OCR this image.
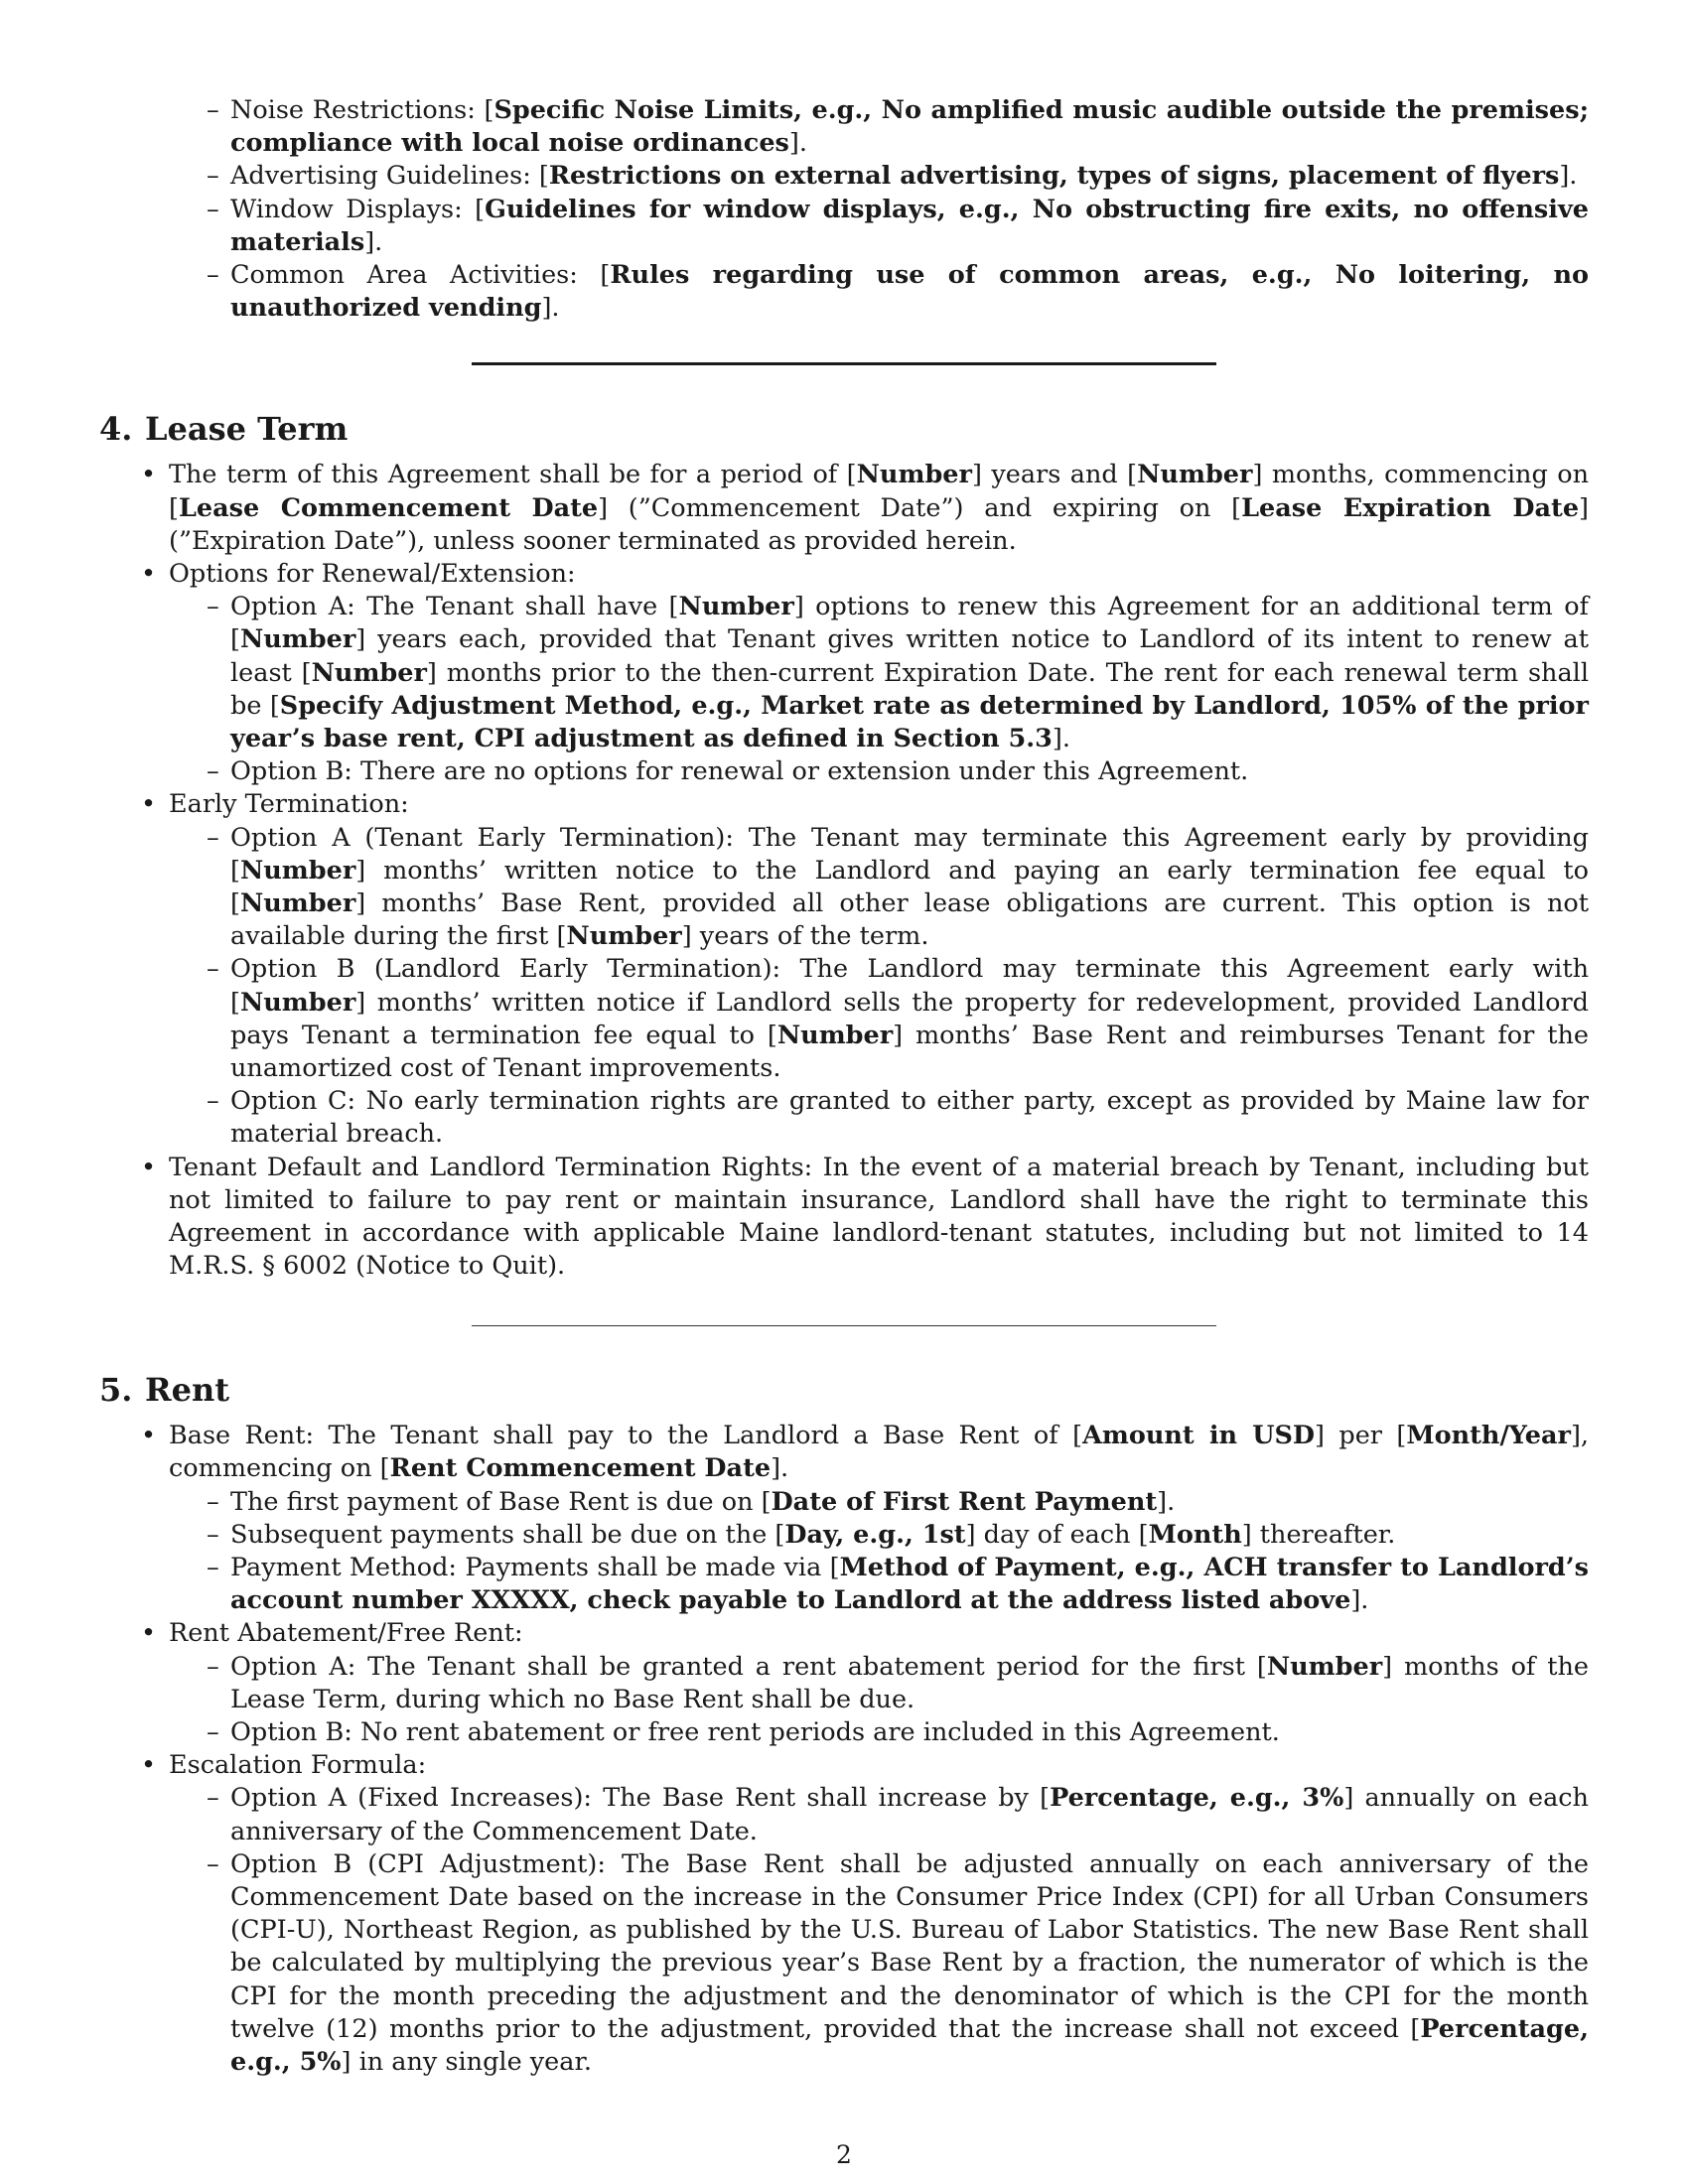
– Noise Restrictions: [Specific Noise Limits, e.g., No amplified music audible outside the premises; compliance with local noise ordinances].
– Advertising Guidelines: [Restrictions on external advertising, types of signs, placement of flyers].
– Window Displays: [Guidelines for window displays, e.g., No obstructing fire exits, no offensive materials].
– Common Area Activities: [Rules regarding use of common areas, e.g., No loitering, no unauthorized vending].
4. Lease Term
• The term of this Agreement shall be for a period of [Number] years and [Number] months, commencing on [Lease Commencement Date] (”Commencement Date”) and expiring on [Lease Expiration Date] (”Expiration Date”), unless sooner terminated as provided herein.
• Options for Renewal/Extension:
– Option A: The Tenant shall have [Number] options to renew this Agreement for an additional term of [Number] years each, provided that Tenant gives written notice to Landlord of its intent to renew at least [Number] months prior to the then-current Expiration Date. The rent for each renewal term shall be [Specify Adjustment Method, e.g., Market rate as determined by Landlord, 105% of the prior year’s base rent, CPI adjustment as defined in Section 5.3].
– Option B: There are no options for renewal or extension under this Agreement.
• Early Termination:
– Option A (Tenant Early Termination): The Tenant may terminate this Agreement early by providing [Number] months’ written notice to the Landlord and paying an early termination fee equal to [Number] months’ Base Rent, provided all other lease obligations are current. This option is not available during the first [Number] years of the term.
– Option B (Landlord Early Termination): The Landlord may terminate this Agreement early with [Number] months’ written notice if Landlord sells the property for redevelopment, provided Landlord pays Tenant a termination fee equal to [Number] months’ Base Rent and reimburses Tenant for the unamortized cost of Tenant improvements.
– Option C: No early termination rights are granted to either party, except as provided by Maine law for material breach.
• Tenant Default and Landlord Termination Rights: In the event of a material breach by Tenant, including but not limited to failure to pay rent or maintain insurance, Landlord shall have the right to terminate this Agreement in accordance with applicable Maine landlord-tenant statutes, including but not limited to 14 M.R.S. § 6002 (Notice to Quit).
5. Rent
• Base Rent: The Tenant shall pay to the Landlord a Base Rent of [Amount in USD] per [Month/Year], commencing on [Rent Commencement Date].
– The first payment of Base Rent is due on [Date of First Rent Payment].
– Subsequent payments shall be due on the [Day, e.g., 1st] day of each [Month] thereafter.
– Payment Method: Payments shall be made via [Method of Payment, e.g., ACH transfer to Landlord’s account number XXXXX, check payable to Landlord at the address listed above].
• Rent Abatement/Free Rent:
– Option A: The Tenant shall be granted a rent abatement period for the first [Number] months of the Lease Term, during which no Base Rent shall be due.
– Option B: No rent abatement or free rent periods are included in this Agreement.
• Escalation Formula:
– Option A (Fixed Increases): The Base Rent shall increase by [Percentage, e.g., 3%] annually on each anniversary of the Commencement Date.
– Option B (CPI Adjustment): The Base Rent shall be adjusted annually on each anniversary of the Commencement Date based on the increase in the Consumer Price Index (CPI) for all Urban Consumers (CPI-U), Northeast Region, as published by the U.S. Bureau of Labor Statistics. The new Base Rent shall be calculated by multiplying the previous year’s Base Rent by a fraction, the numerator of which is the CPI for the month preceding the adjustment and the denominator of which is the CPI for the month twelve (12) months prior to the adjustment, provided that the increase shall not exceed [Percentage, e.g., 5%] in any single year.
2
